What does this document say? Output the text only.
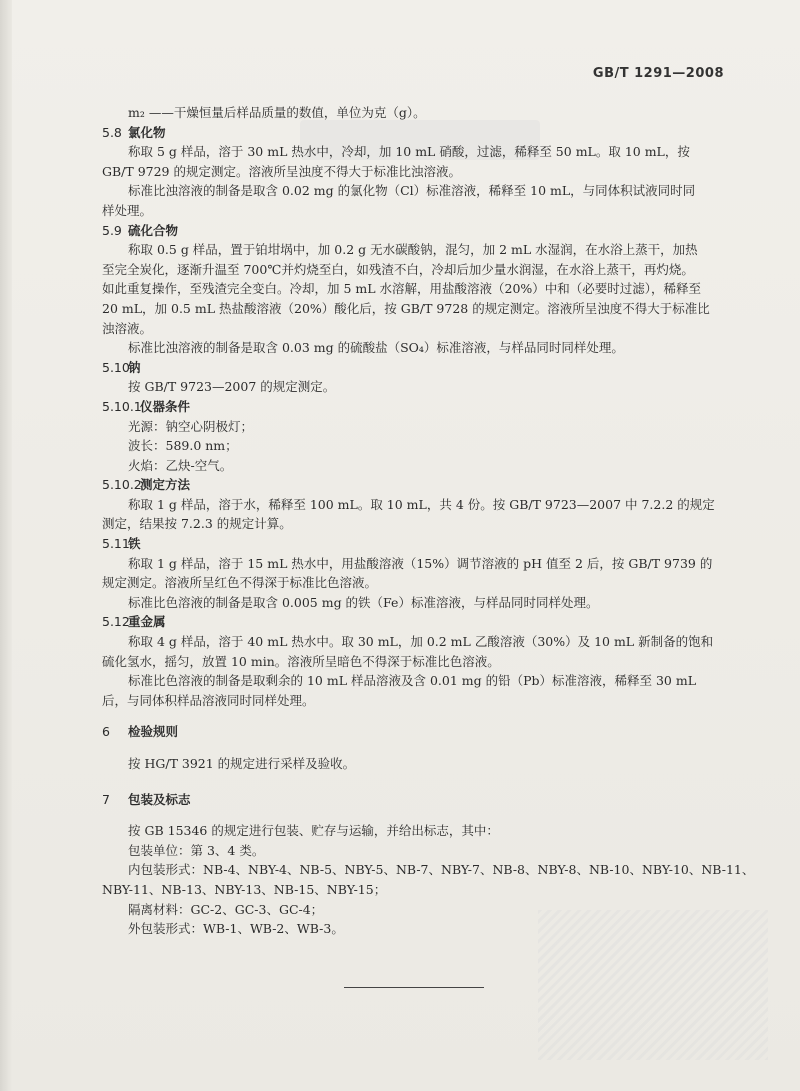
GB/T 1291—2008
m₂ ——干燥恒量后样品质量的数值，单位为克（g）。
5.8 氯化物
称取 5 g 样品，溶于 30 mL 热水中，冷却，加 10 mL 硝酸，过滤，稀释至 50 mL。取 10 mL，按
GB/T 9729 的规定测定。溶液所呈浊度不得大于标准比浊溶液。
标准比浊溶液的制备是取含 0.02 mg 的氯化物（Cl）标准溶液，稀释至 10 mL，与同体积试液同时同
样处理。
5.9 硫化合物
称取 0.5 g 样品，置于铂坩埚中，加 0.2 g 无水碳酸钠，混匀，加 2 mL 水湿润，在水浴上蒸干，加热
至完全炭化，逐渐升温至 700℃并灼烧至白，如残渣不白，冷却后加少量水润湿，在水浴上蒸干，再灼烧。
如此重复操作，至残渣完全变白。冷却，加 5 mL 水溶解，用盐酸溶液（20%）中和（必要时过滤），稀释至
20 mL，加 0.5 mL 热盐酸溶液（20%）酸化后，按 GB/T 9728 的规定测定。溶液所呈浊度不得大于标准比
浊溶液。
标准比浊溶液的制备是取含 0.03 mg 的硫酸盐（SO₄）标准溶液，与样品同时同样处理。
5.10钠
按 GB/T 9723—2007 的规定测定。
5.10.1仪器条件
光源：钠空心阴极灯；
波长：589.0 nm；
火焰：乙炔-空气。
5.10.2测定方法
称取 1 g 样品，溶于水，稀释至 100 mL。取 10 mL，共 4 份。按 GB/T 9723—2007 中 7.2.2 的规定
测定，结果按 7.2.3 的规定计算。
5.11铁
称取 1 g 样品，溶于 15 mL 热水中，用盐酸溶液（15%）调节溶液的 pH 值至 2 后，按 GB/T 9739 的
规定测定。溶液所呈红色不得深于标准比色溶液。
标准比色溶液的制备是取含 0.005 mg 的铁（Fe）标准溶液，与样品同时同样处理。
5.12重金属
称取 4 g 样品，溶于 40 mL 热水中。取 30 mL，加 0.2 mL 乙酸溶液（30%）及 10 mL 新制备的饱和
硫化氢水，摇匀，放置 10 min。溶液所呈暗色不得深于标准比色溶液。
标准比色溶液的制备是取剩余的 10 mL 样品溶液及含 0.01 mg 的铅（Pb）标准溶液，稀释至 30 mL
后，与同体积样品溶液同时同样处理。
6 检验规则
按 HG/T 3921 的规定进行采样及验收。
7 包装及标志
按 GB 15346 的规定进行包装、贮存与运输，并给出标志，其中：
包装单位：第 3、4 类。
内包装形式：NB-4、NBY-4、NB-5、NBY-5、NB-7、NBY-7、NB-8、NBY-8、NB-10、NBY-10、NB-11、
NBY-11、NB-13、NBY-13、NB-15、NBY-15；
隔离材料：GC-2、GC-3、GC-4；
外包装形式：WB-1、WB-2、WB-3。
